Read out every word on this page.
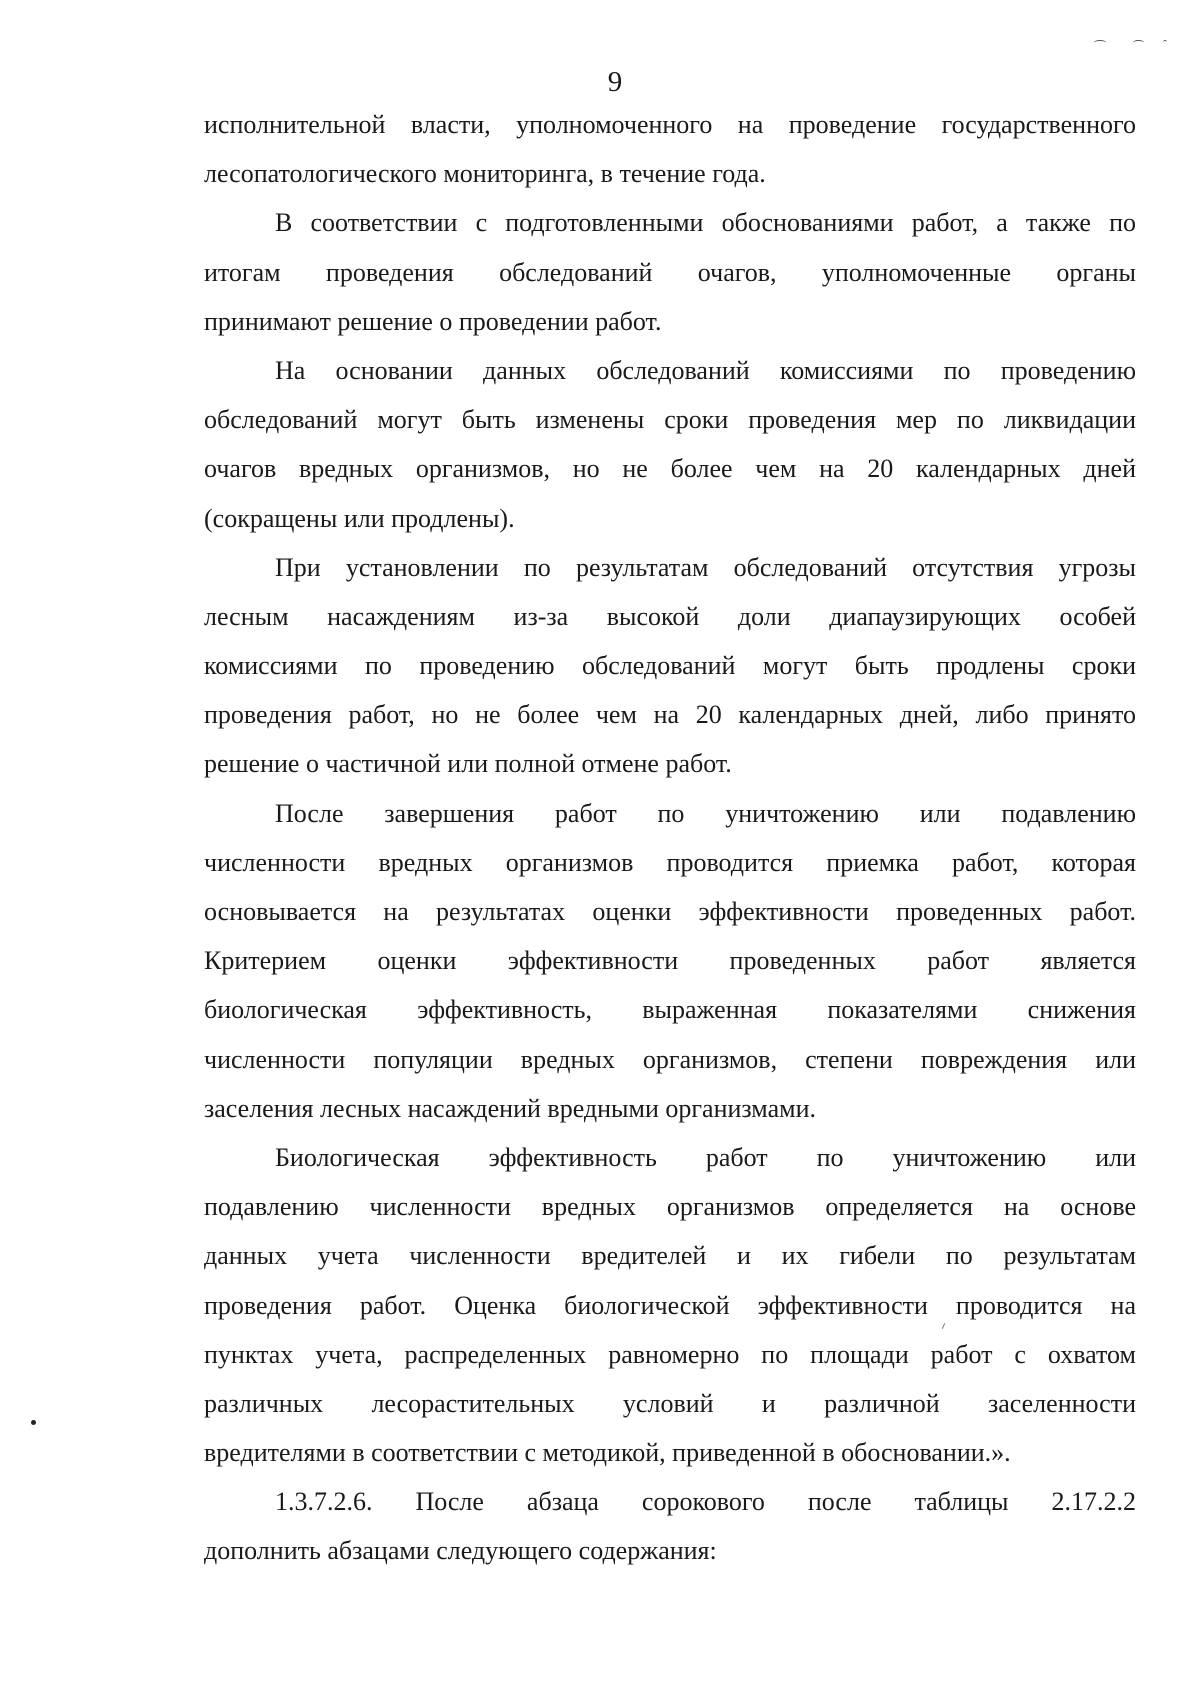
9

исполнительной власти, уполномоченного на проведение государственного
лесопатологического мониторинга, в течение года.

В соответствии с подготовленными обоснованиями работ, а также по
итогам проведения обследований очагов, уполномоченные органы
принимают решение о проведении работ.

На основании данных обследований комиссиями по проведению
обследований могут быть изменены сроки проведения мер по ликвидации
очагов вредных организмов, но не более чем на 20 календарных дней
(сокращены или продлены).

При установлении по результатам обследований отсутствия угрозы
лесным насаждениям из-за высокой доли диапаузирующих особей
комиссиями по проведению обследований могут быть продлены сроки
проведения работ, но не более чем на 20 календарных дней, либо принято
решение о частичной или полной отмене работ.

После завершения работ по уничтожению или подавлению
численности вредных организмов проводится приемка работ, которая
основывается на результатах оценки эффективности проведенных работ.
Критерием оценки эффективности проведенных работ является
биологическая эффективность, выраженная показателями снижения
численности популяции вредных организмов, степени повреждения или
заселения лесных насаждений вредными организмами.

Биологическая эффективность работ по уничтожению или
подавлению численности вредных организмов определяется на основе
данных учета численности вредителей и их гибели по результатам
проведения работ. Оценка биологической эффективности проводится на
пунктах учета, распределенных равномерно по площади работ с охватом
различных лесорастительных условий и различной заселенности
вредителями в соответствии с методикой, приведенной в обосновании.».

1.3.7.2.6. После абзаца сорокового после таблицы 2.17.2.2
дополнить абзацами следующего содержания:
